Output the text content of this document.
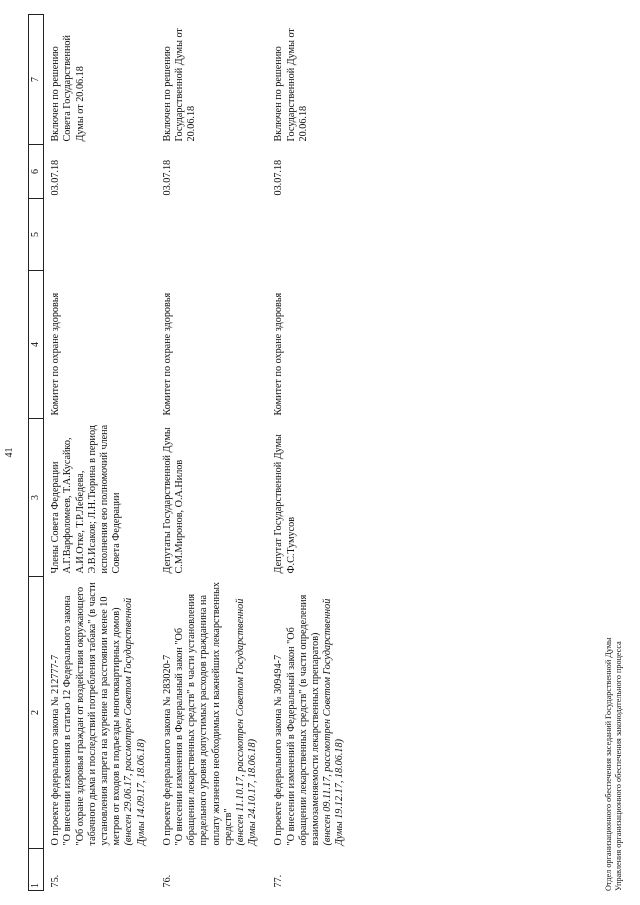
41
1	2	3	4	5	6	7
75.	О проекте федерального закона № 212777-7 "О внесении изменения в статью 12 Федерального закона "Об охране здоровья граждан от воздействия окружающего табачного дыма и последствий потребления табака" (в части установления запрета на курение на расстоянии менее 10 метров от входов в подъезды многоквартирных домов) (внесен 29.06.17, рассмотрен Советом Государственной Думы 14.09.17, 18.06.18)	Члены Совета Федерации А.Г.Варфоломеев, Т.А.Кусайко, А.И.Отке, Т.Р.Лебедева, Э.В.Исаков; Л.Н.Тюрина в период исполнения ею полномочий члена Совета Федерации	Комитет по охране здоровья		03.07.18	Включен по решению Совета Государственной Думы от 20.06.18
76.	О проекте федерального закона № 283020-7 "О внесении изменения в Федеральный закон "Об обращении лекарственных средств" в части установления предельного уровня допустимых расходов гражданина на оплату жизненно необходимых и важнейших лекарственных средств" (внесен 11.10.17, рассмотрен Советом Государственной Думы 24.10.17, 18.06.18)	Депутаты Государственной Думы С.М.Миронов, О.А.Нилов	Комитет по охране здоровья		03.07.18	Включен по решению Государственной Думы от 20.06.18
77.	О проекте федерального закона № 309494-7 "О внесении изменений в Федеральный закон "Об обращении лекарственных средств" (в части определения взаимозаменяемости лекарственных препаратов) (внесен 09.11.17, рассмотрен Советом Государственной Думы 19.12.17, 18.06.18)	Депутат Государственной Думы Ф.С.Тумусов	Комитет по охране здоровья		03.07.18	Включен по решению Государственной Думы от 20.06.18
Отдел организационного обеспечения заседаний Государственной Думы Управления организационного обеспечения законодательного процесса
